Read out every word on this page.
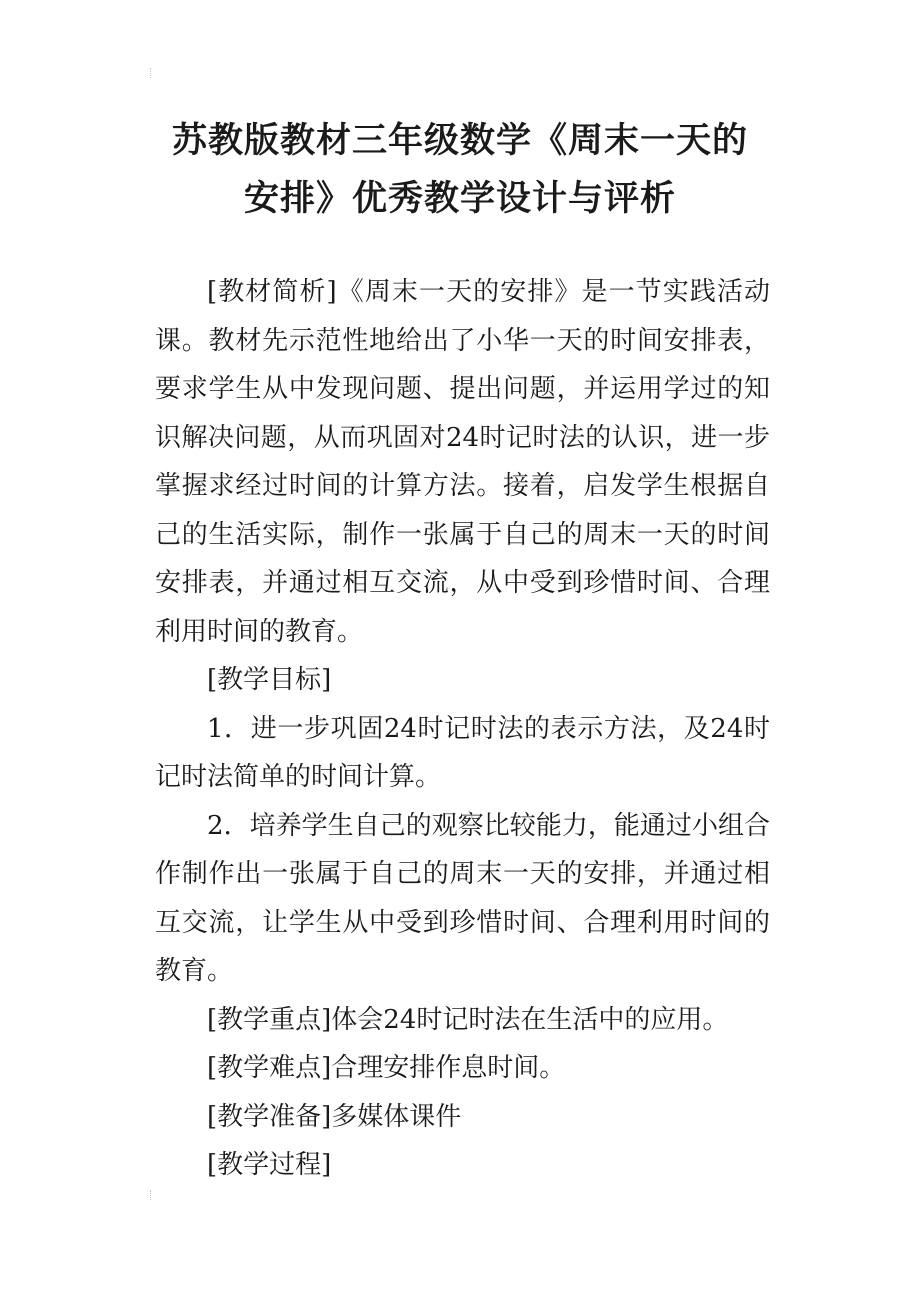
苏教版教材三年级数学《周末一天的
安排》优秀教学设计与评析

[教材简析]《周末一天的安排》是一节实践活动课。教材先示范性地给出了小华一天的时间安排表，要求学生从中发现问题、提出问题，并运用学过的知识解决问题，从而巩固对24时记时法的认识，进一步掌握求经过时间的计算方法。接着，启发学生根据自己的生活实际，制作一张属于自己的周末一天的时间安排表，并通过相互交流，从中受到珍惜时间、合理利用时间的教育。

[教学目标]

1．进一步巩固24时记时法的表示方法，及24时记时法简单的时间计算。

2．培养学生自己的观察比较能力，能通过小组合作制作出一张属于自己的周末一天的安排，并通过相互交流，让学生从中受到珍惜时间、合理利用时间的教育。

[教学重点]体会24时记时法在生活中的应用。

[教学难点]合理安排作息时间。

[教学准备]多媒体课件

[教学过程]
